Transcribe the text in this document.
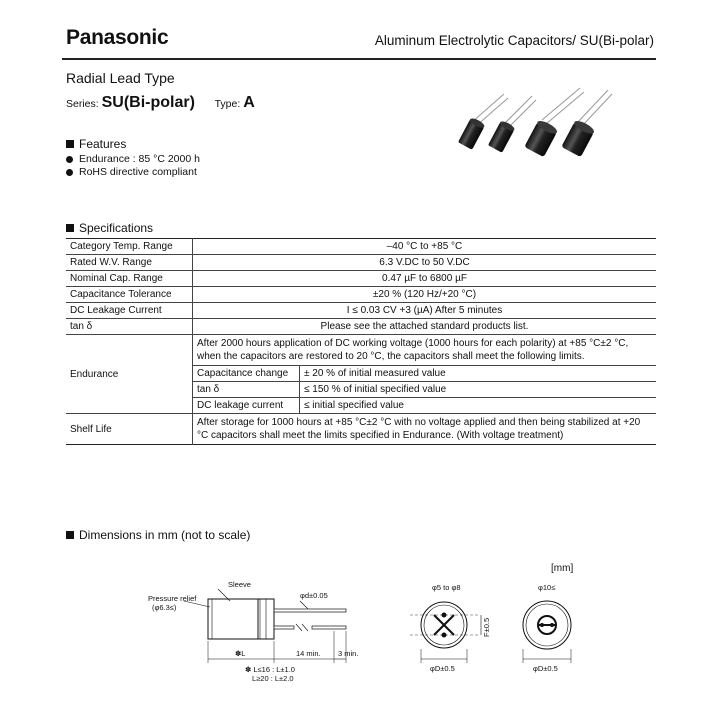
Panasonic	Aluminum Electrolytic Capacitors/ SU(Bi-polar)
Radial Lead Type
Series: SU(Bi-polar) Type: A
Features
Endurance : 85 °C 2000 h
RoHS directive compliant
Specifications
Category Temp. Range	–40 °C to +85 °C	
Rated W.V. Range	6.3 V.DC to 50 V.DC	
Nominal Cap. Range	0.47 µF to 6800 µF	
Capacitance Tolerance	±20 % (120 Hz/+20 °C)	
DC Leakage Current	I ≤ 0.03 CV +3 (µA) After 5 minutes	
tan δ	Please see the attached standard products list.	
Endurance	After 2000 hours application of DC working voltage (1000 hours for each polarity) at +85 °C±2 °C, when the capacitors are restored to 20 °C, the capacitors shall meet the following limits.	
	Capacitance change	± 20 % of initial measured value
	tan δ	≤ 150 % of initial specified value
	DC leakage current	≤ initial specified value
Shelf Life	After storage for 1000 hours at +85 °C±2 °C with no voltage applied and then being stabilized at +20 °C capacitors shall meet the limits specified in Endurance. (With voltage treatment)	
Dimensions in mm (not to scale)
[mm]
Sleeve
Pressure relief
(φ6.3≤)
φd±0.05
✽L	14 min. 3 min.
✽ L≤16 : L±1.0
L≥20 : L±2.0
φ5 to φ8
φD±0.5
F±0.5
φ10≤
φD±0.5
